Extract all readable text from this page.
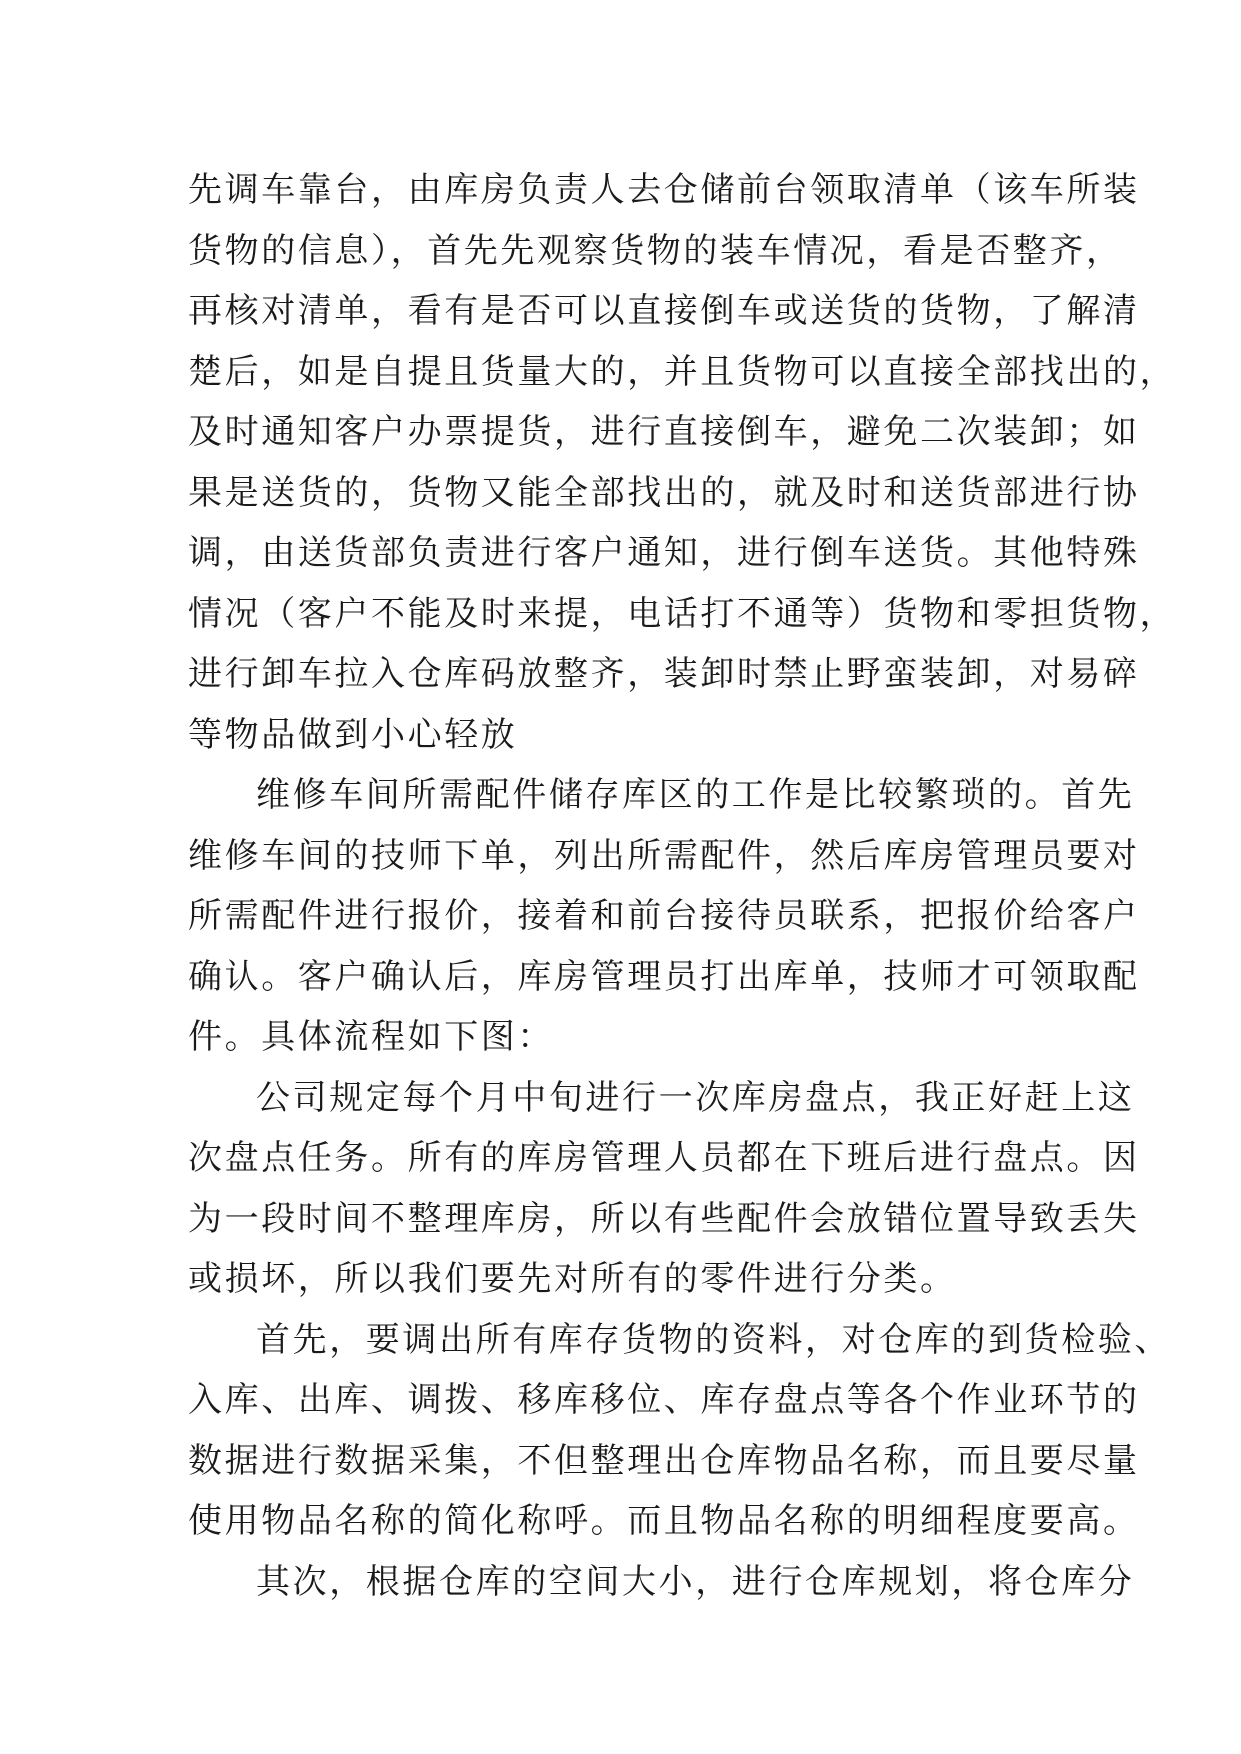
先调车靠台，由库房负责人去仓储前台领取清单（该车所装
货物的信息），首先先观察货物的装车情况，看是否整齐，
再核对清单，看有是否可以直接倒车或送货的货物，了解清
楚后，如是自提且货量大的，并且货物可以直接全部找出的，
及时通知客户办票提货，进行直接倒车，避免二次装卸；如
果是送货的，货物又能全部找出的，就及时和送货部进行协
调，由送货部负责进行客户通知，进行倒车送货。其他特殊
情况（客户不能及时来提，电话打不通等）货物和零担货物，
进行卸车拉入仓库码放整齐，装卸时禁止野蛮装卸，对易碎
等物品做到小心轻放
维修车间所需配件储存库区的工作是比较繁琐的。首先
维修车间的技师下单，列出所需配件，然后库房管理员要对
所需配件进行报价，接着和前台接待员联系，把报价给客户
确认。客户确认后，库房管理员打出库单，技师才可领取配
件。具体流程如下图：
公司规定每个月中旬进行一次库房盘点，我正好赶上这
次盘点任务。所有的库房管理人员都在下班后进行盘点。因
为一段时间不整理库房，所以有些配件会放错位置导致丢失
或损坏，所以我们要先对所有的零件进行分类。
首先，要调出所有库存货物的资料，对仓库的到货检验、
入库、出库、调拨、移库移位、库存盘点等各个作业环节的
数据进行数据采集，不但整理出仓库物品名称，而且要尽量
使用物品名称的简化称呼。而且物品名称的明细程度要高。
其次，根据仓库的空间大小，进行仓库规划，将仓库分
